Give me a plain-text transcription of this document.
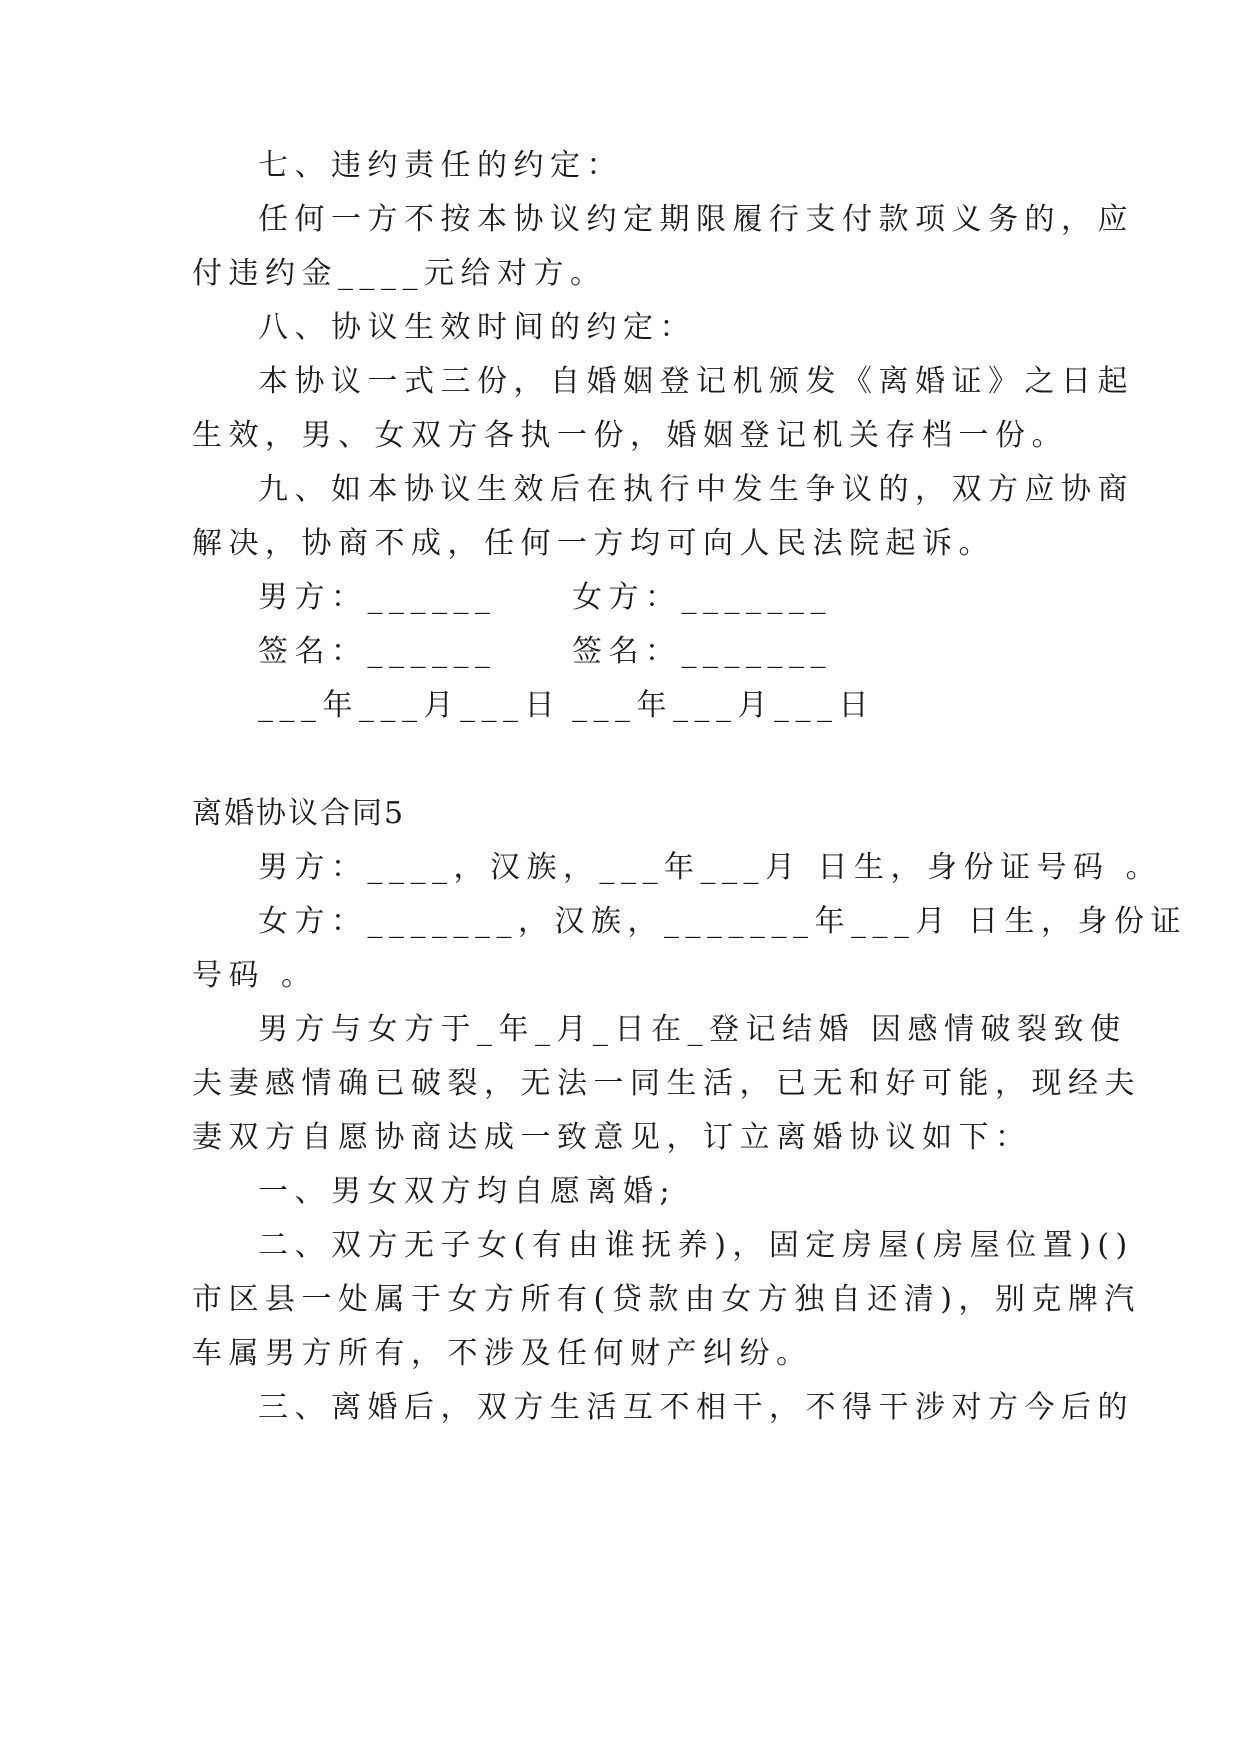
七、违约责任的约定：
任何一方不按本协议约定期限履行支付款项义务的，应
付违约金____元给对方。
八、协议生效时间的约定：
本协议一式三份，自婚姻登记机颁发《离婚证》之日起
生效，男、女双方各执一份，婚姻登记机关存档一份。
九、如本协议生效后在执行中发生争议的，双方应协商
解决，协商不成，任何一方均可向人民法院起诉。
男方：______	女方：_______
签名：______	签名：_______
___年___月___日 ___年___月___日
离婚协议合同5
男方：____，汉族，___年___月 日生，身份证号码 。
女方：_______，汉族，_______年___月 日生，身份证
号码 。
男方与女方于_年_月_日在_登记结婚 因感情破裂致使
夫妻感情确已破裂，无法一同生活，已无和好可能，现经夫
妻双方自愿协商达成一致意见，订立离婚协议如下：
一、男女双方均自愿离婚;
二、双方无子女(有由谁抚养)，固定房屋(房屋位置)()
市区县一处属于女方所有(贷款由女方独自还清)，别克牌汽
车属男方所有，不涉及任何财产纠纷。
三、离婚后，双方生活互不相干，不得干涉对方今后的
